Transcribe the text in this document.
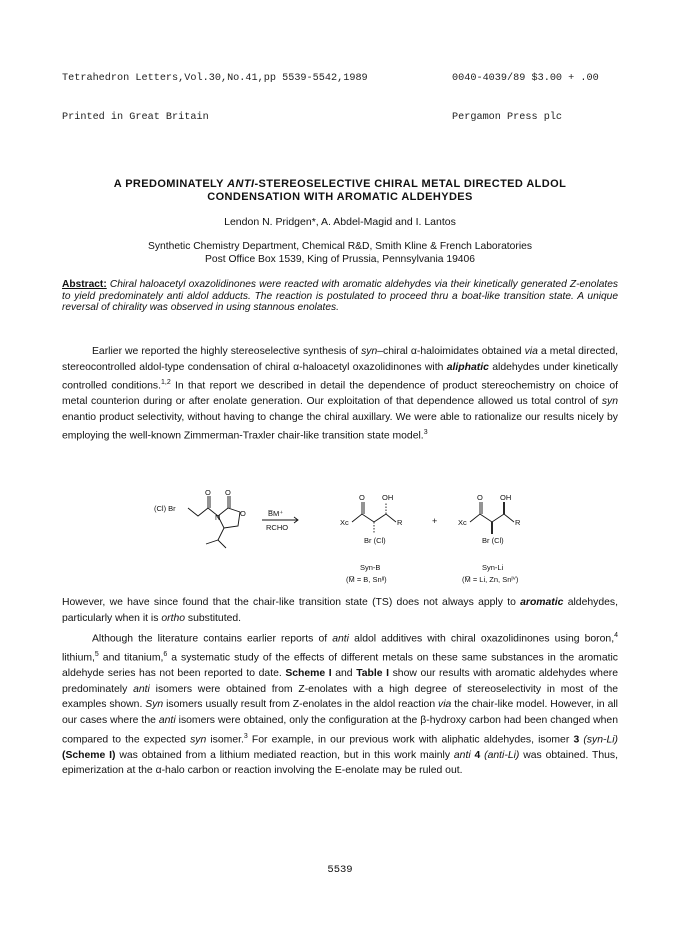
Tetrahedron Letters,Vol.30,No.41,pp 5539-5542,1989

Printed in Great Britain

0040-4039/89 $3.00 + .00

Pergamon Press plc

A PREDOMINATELY ANTI-STEREOSELECTIVE CHIRAL METAL DIRECTED ALDOL
CONDENSATION WITH AROMATIC ALDEHYDES
Lendon N. Pridgen*, A. Abdel-Magid and I. Lantos
Synthetic Chemistry Department, Chemical R&D, Smith Kline & French Laboratories
Post Office Box 1539, King of Prussia, Pennsylvania 19406
Abstract: Chiral haloacetyl oxazolidinones were reacted with aromatic aldehydes via their kinetically generated Z-enolates to yield predominately anti aldol adducts. The reaction is postulated to proceed thru a boat-like transition state. A unique reversal of chirality was observed in using stannous enolates.

Earlier we reported the highly stereoselective synthesis of syn–chiral α-haloimidates obtained via a metal directed, stereocontrolled aldol-type condensation of chiral α-haloacetyl oxazolidinones with aliphatic aldehydes under kinetically controlled conditions.$^{1,2}$ In that report we described in detail the dependence of product stereochemistry on choice of metal counterion during or after enolate generation. Our exploitation of that dependence allowed us total control of syn enantio product selectivity, without having to change the chiral auxillary. We were able to rationalize our results nicely by employing the well-known Zimmerman-Traxler chair-like transition state model.$^3$

(Cl) Br
O O
N	O	B̅M⁺
RCHO
Xc
O OH
R
Br (Cl)
+	Xc
O OH
R
Br (Cl)
Syn-B
(M̅ = B, Snᴵᴵ)
Syn-Li
(M̅ = Li, Zn, Snᴵⱽ)

However, we have since found that the chair-like transition state (TS) does not always apply to aromatic aldehydes, particularly when it is ortho substituted.

Although the literature contains earlier reports of anti aldol additives with chiral oxazolidinones using boron,$^4$ lithium,$^5$ and titanium,$^6$ a systematic study of the effects of different metals on these same substances in the aromatic aldehyde series has not been reported to date. Scheme I and Table I show our results with aromatic aldehydes where predominately anti isomers were obtained from Z-enolates with a high degree of stereoselectivity in most of the examples shown. Syn isomers usually result from Z-enolates in the aldol reaction via the chair-like model. However, in all our cases where the anti isomers were obtained, only the configuration at the β-hydroxy carbon had been changed when compared to the expected syn isomer.$^3$ For example, in our previous work with aliphatic aldehydes, isomer 3 (syn-Li) (Scheme I) was obtained from a lithium mediated reaction, but in this work mainly anti 4 (anti-Li) was obtained. Thus, epimerization at the α-halo carbon or reaction involving the E-enolate may be ruled out.

5539
